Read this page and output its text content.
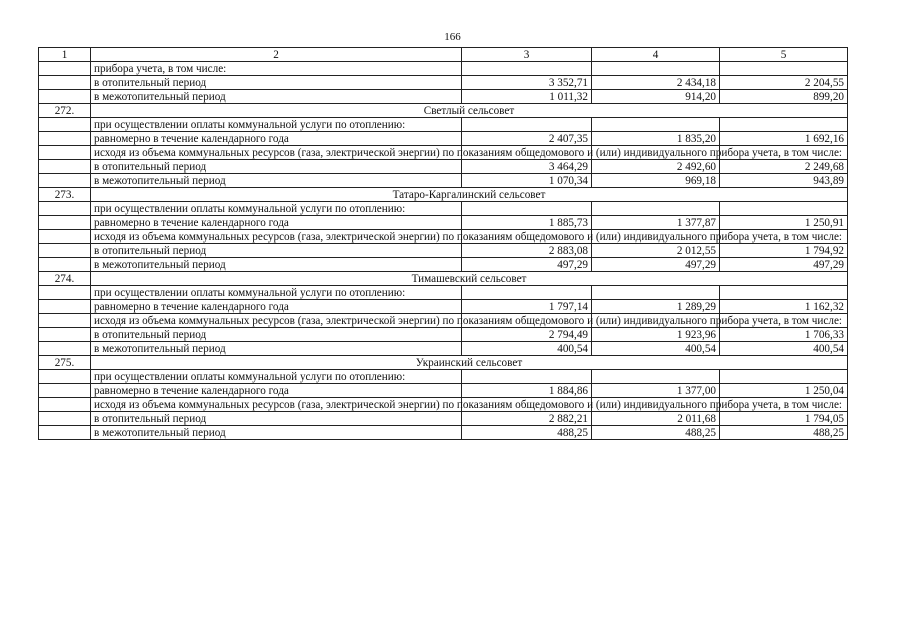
166
1	2	3	4	5
	прибора учета, в том числе:			
	в отопительный период	3 352,71	2 434,18	2 204,55
	в межотопительный период	1 011,32	914,20	899,20
272.	Светлый сельсовет			
	при осуществлении оплаты коммунальной услуги по отоплению:			
	равномерно в течение календарного года	2 407,35	1 835,20	1 692,16
	исходя из объема коммунальных ресурсов (газа, электрической энергии) по показаниям общедомового и (или) индивидуального прибора учета, в том числе:			
	в отопительный период	3 464,29	2 492,60	2 249,68
	в межотопительный период	1 070,34	969,18	943,89
273.	Татаро-Каргалинский сельсовет			
	при осуществлении оплаты коммунальной услуги по отоплению:			
	равномерно в течение календарного года	1 885,73	1 377,87	1 250,91
	исходя из объема коммунальных ресурсов (газа, электрической энергии) по показаниям общедомового и (или) индивидуального прибора учета, в том числе:			
	в отопительный период	2 883,08	2 012,55	1 794,92
	в межотопительный период	497,29	497,29	497,29
274.	Тимашевский сельсовет			
	при осуществлении оплаты коммунальной услуги по отоплению:			
	равномерно в течение календарного года	1 797,14	1 289,29	1 162,32
	исходя из объема коммунальных ресурсов (газа, электрической энергии) по показаниям общедомового и (или) индивидуального прибора учета, в том числе:			
	в отопительный период	2 794,49	1 923,96	1 706,33
	в межотопительный период	400,54	400,54	400,54
275.	Украинский сельсовет			
	при осуществлении оплаты коммунальной услуги по отоплению:			
	равномерно в течение календарного года	1 884,86	1 377,00	1 250,04
	исходя из объема коммунальных ресурсов (газа, электрической энергии) по показаниям общедомового и (или) индивидуального прибора учета, в том числе:			
	в отопительный период	2 882,21	2 011,68	1 794,05
	в межотопительный период	488,25	488,25	488,25
